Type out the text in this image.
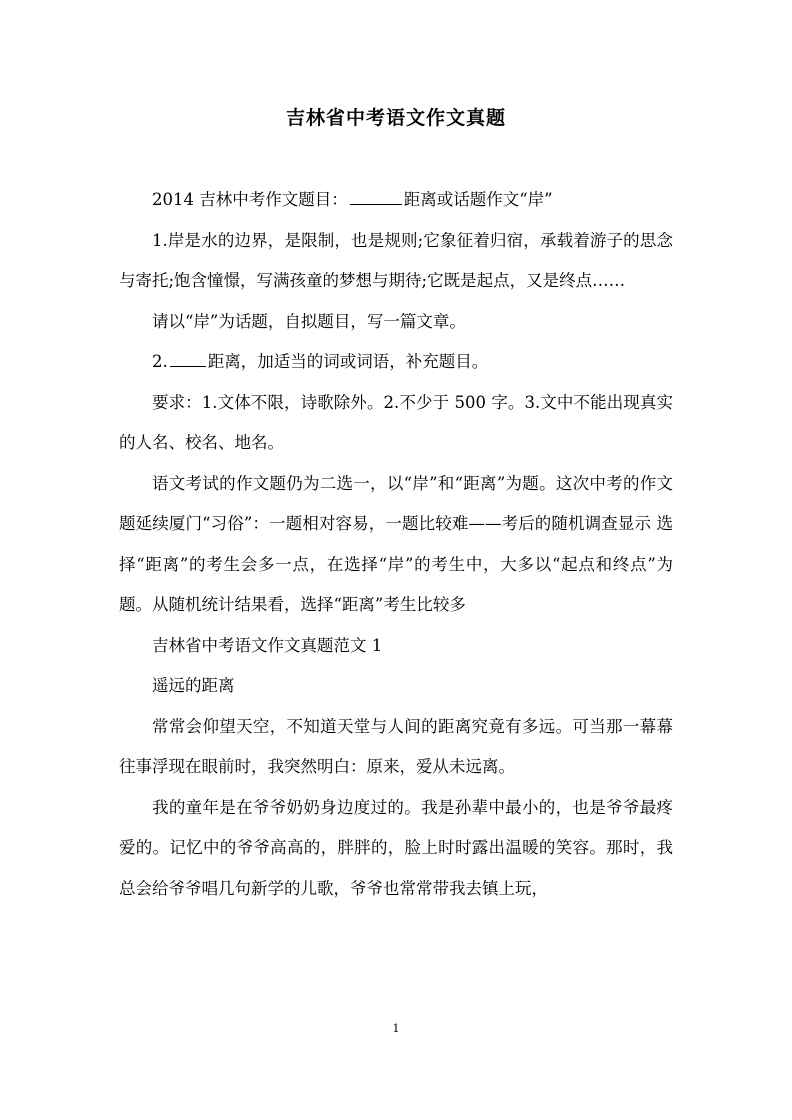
吉林省中考语文作文真题

2014 吉林中考作文题目：	距离或话题作文“岸”

1.岸是水的边界，是限制，也是规则;它象征着归宿，承载着游子的思念与寄托;饱含憧憬，写满孩童的梦想与期待;它既是起点，又是终点……

请以“岸”为话题，自拟题目，写一篇文章。

2. 距离，加适当的词或词语，补充题目。

要求：1.文体不限，诗歌除外。2.不少于 500 字。3.文中不能出现真实的人名、校名、地名。

语文考试的作文题仍为二选一，以“岸”和“距离”为题。这次中考的作文题延续厦门“习俗”：一题相对容易，一题比较难——考后的随机调查显示 选择“距离”的考生会多一点，在选择“岸”的考生中，大多以“起点和终点”为题。从随机统计结果看，选择“距离”考生比较多

吉林省中考语文作文真题范文 1

遥远的距离

常常会仰望天空，不知道天堂与人间的距离究竟有多远。可当那一幕幕往事浮现在眼前时，我突然明白：原来，爱从未远离。

我的童年是在爷爷奶奶身边度过的。我是孙辈中最小的，也是爷爷最疼爱的。记忆中的爷爷高高的，胖胖的，脸上时时露出温暖的笑容。那时，我总会给爷爷唱几句新学的儿歌，爷爷也常常带我去镇上玩，

1
